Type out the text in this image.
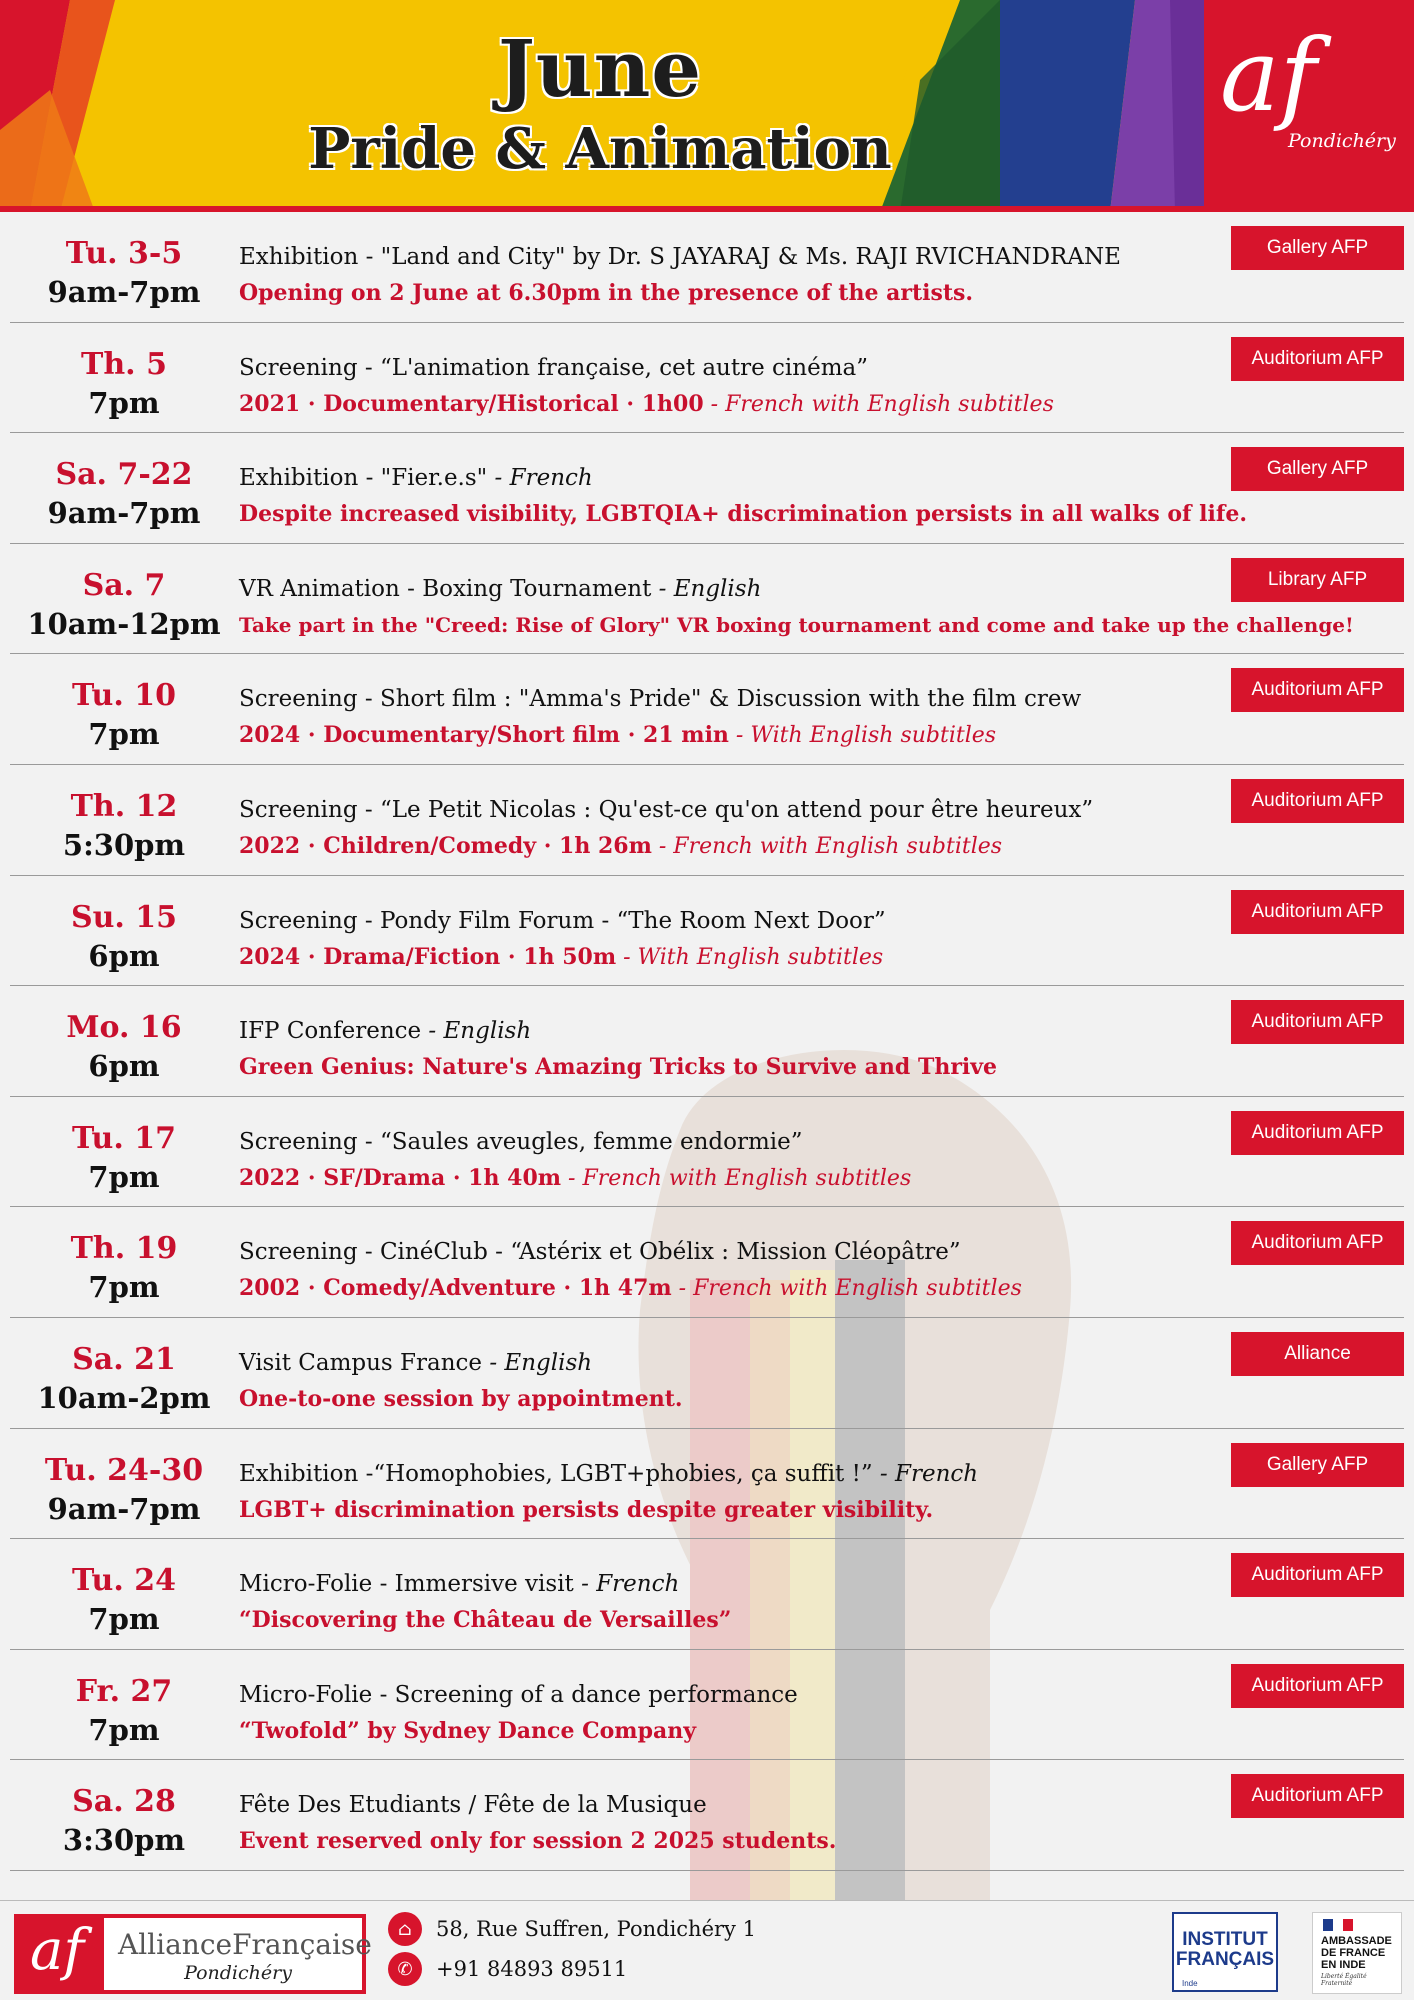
June
Pride & Animation
af
Pondichéry
Tu. 3-5
9am-7pm
Exhibition - "Land and City" by Dr. S JAYARAJ & Ms. RAJI RVICHANDRANE
Opening on 2 June at 6.30pm in the presence of the artists.
Gallery AFP
Th. 5
7pm
Screening - “L'animation française, cet autre cinéma”
2021 · Documentary/Historical · 1h00 - French with English subtitles
Auditorium AFP
Sa. 7-22
9am-7pm
Exhibition - "Fier.e.s" - French
Despite increased visibility, LGBTQIA+ discrimination persists in all walks of life.
Gallery AFP
Sa. 7
10am-12pm
VR Animation - Boxing Tournament - English
Take part in the "Creed: Rise of Glory" VR boxing tournament and come and take up the challenge!
Library AFP
Tu. 10
7pm
Screening - Short film : "Amma's Pride" & Discussion with the film crew
2024 · Documentary/Short film · 21 min - With English subtitles
Auditorium AFP
Th. 12
5:30pm
Screening - “Le Petit Nicolas : Qu'est-ce qu'on attend pour être heureux”
2022 · Children/Comedy · 1h 26m - French with English subtitles
Auditorium AFP
Su. 15
6pm
Screening - Pondy Film Forum - “The Room Next Door”
2024 · Drama/Fiction · 1h 50m - With English subtitles
Auditorium AFP
Mo. 16
6pm
IFP Conference - English
Green Genius: Nature's Amazing Tricks to Survive and Thrive
Auditorium AFP
Tu. 17
7pm
Screening - “Saules aveugles, femme endormie”
2022 · SF/Drama · 1h 40m - French with English subtitles
Auditorium AFP
Th. 19
7pm
Screening - CinéClub - “Astérix et Obélix : Mission Cléopâtre”
2002 · Comedy/Adventure · 1h 47m - French with English subtitles
Auditorium AFP
Sa. 21
10am-2pm
Visit Campus France - English
One-to-one session by appointment.
Alliance
Tu. 24-30
9am-7pm
Exhibition -“Homophobies, LGBT+phobies, ça suffit !” - French
LGBT+ discrimination persists despite greater visibility.
Gallery AFP
Tu. 24
7pm
Micro-Folie - Immersive visit - French
“Discovering the Château de Versailles”
Auditorium AFP
Fr. 27
7pm
Micro-Folie - Screening of a dance performance
“Twofold” by Sydney Dance Company
Auditorium AFP
Sa. 28
3:30pm
Fête Des Etudiants / Fête de la Musique
Event reserved only for session 2 2025 students.
Auditorium AFP
af AllianceFrançaise
Pondichéry
⌂	58, Rue Suffren, Pondichéry 1
✆	+91 84893 89511
INSTITUT
FRANÇAIS
Inde
AMBASSADE DE FRANCE EN INDE
Liberté Égalité Fraternité
